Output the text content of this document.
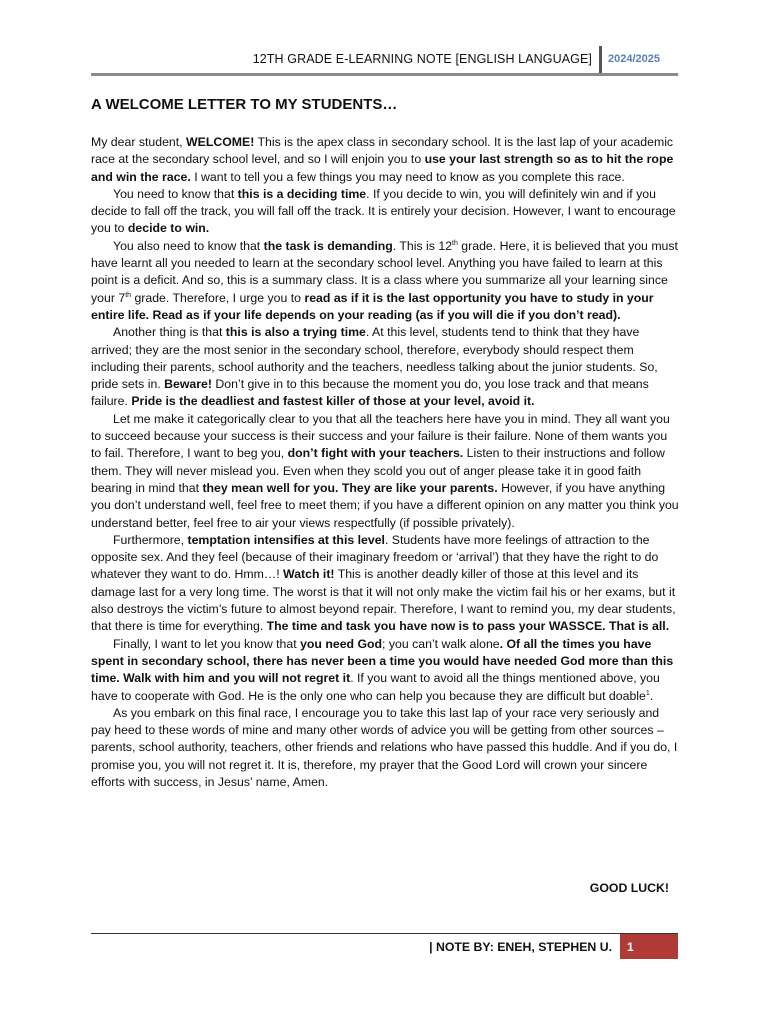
12TH GRADE E-LEARNING NOTE [ENGLISH LANGUAGE] 2024/2025
A WELCOME LETTER TO MY STUDENTS…

My dear student, WELCOME! This is the apex class in secondary school. It is the last lap of your academic race at the secondary school level, and so I will enjoin you to use your last strength so as to hit the rope and win the race. I want to tell you a few things you may need to know as you complete this race.

You need to know that this is a deciding time. If you decide to win, you will definitely win and if you decide to fall off the track, you will fall off the track. It is entirely your decision. However, I want to encourage you to decide to win.

You also need to know that the task is demanding. This is 12th grade. Here, it is believed that you must have learnt all you needed to learn at the secondary school level. Anything you have failed to learn at this point is a deficit. And so, this is a summary class. It is a class where you summarize all your learning since your 7th grade. Therefore, I urge you to read as if it is the last opportunity you have to study in your entire life. Read as if your life depends on your reading (as if you will die if you don’t read).

Another thing is that this is also a trying time. At this level, students tend to think that they have arrived; they are the most senior in the secondary school, therefore, everybody should respect them including their parents, school authority and the teachers, needless talking about the junior students. So, pride sets in. Beware! Don’t give in to this because the moment you do, you lose track and that means failure. Pride is the deadliest and fastest killer of those at your level, avoid it.

Let me make it categorically clear to you that all the teachers here have you in mind. They all want you to succeed because your success is their success and your failure is their failure. None of them wants you to fail. Therefore, I want to beg you, don’t fight with your teachers. Listen to their instructions and follow them. They will never mislead you. Even when they scold you out of anger please take it in good faith bearing in mind that they mean well for you. They are like your parents. However, if you have anything you don’t understand well, feel free to meet them; if you have a different opinion on any matter you think you understand better, feel free to air your views respectfully (if possible privately).

Furthermore, temptation intensifies at this level. Students have more feelings of attraction to the opposite sex. And they feel (because of their imaginary freedom or ‘arrival’) that they have the right to do whatever they want to do. Hmm…! Watch it! This is another deadly killer of those at this level and its damage last for a very long time. The worst is that it will not only make the victim fail his or her exams, but it also destroys the victim’s future to almost beyond repair. Therefore, I want to remind you, my dear students, that there is time for everything. The time and task you have now is to pass your WASSCE. That is all.

Finally, I want to let you know that you need God; you can’t walk alone. Of all the times you have spent in secondary school, there has never been a time you would have needed God more than this time. Walk with him and you will not regret it. If you want to avoid all the things mentioned above, you have to cooperate with God. He is the only one who can help you because they are difficult but doable$^1$.

As you embark on this final race, I encourage you to take this last lap of your race very seriously and pay heed to these words of mine and many other words of advice you will be getting from other sources –parents, school authority, teachers, other friends and relations who have passed this huddle. And if you do, I promise you, you will not regret it. It is, therefore, my prayer that the Good Lord will crown your sincere efforts with success, in Jesus’ name, Amen.

GOOD LUCK!
| NOTE BY: ENEH, STEPHEN U.	1
